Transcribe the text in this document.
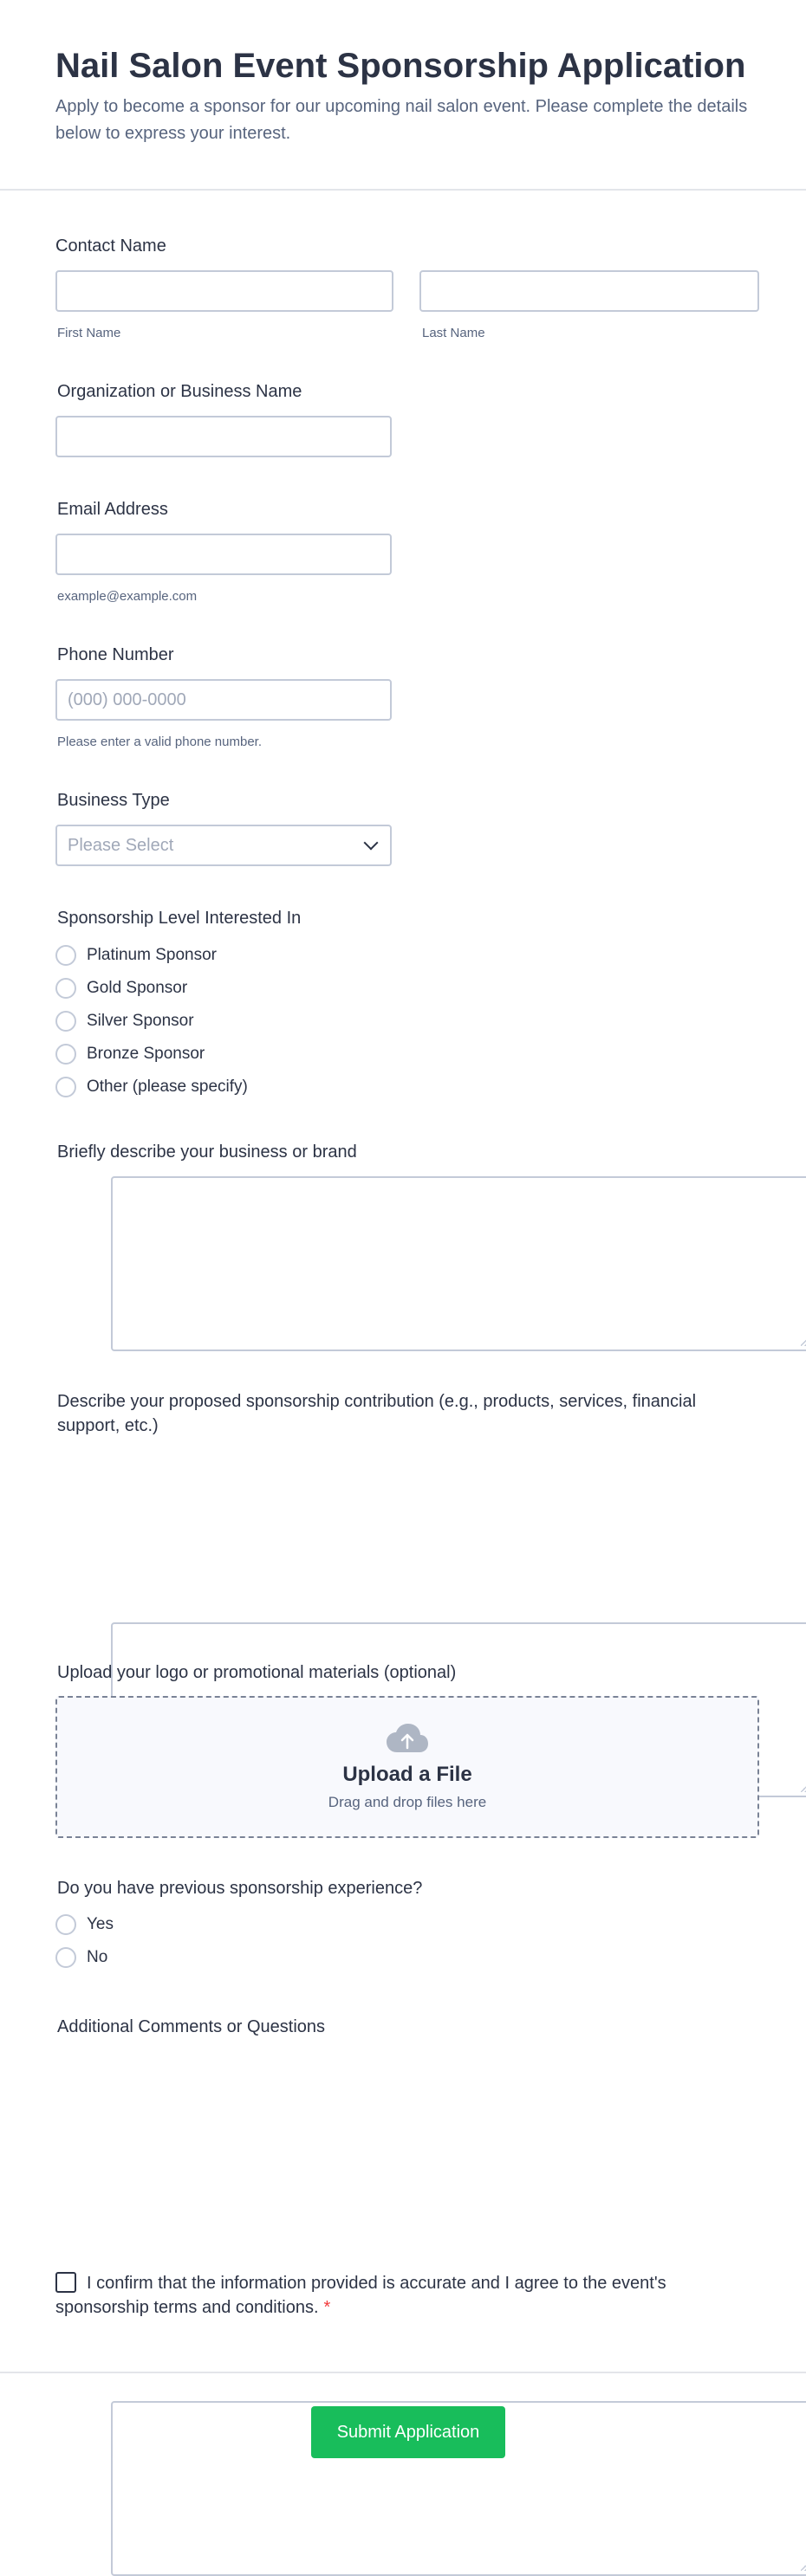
Nail Salon Event Sponsorship Application
Apply to become a sponsor for our upcoming nail salon event. Please complete the details below to express your interest.
Contact Name
First Name	Last Name
Organization or Business Name
Email Address
example@example.com
Phone Number
(000) 000-0000
Please enter a valid phone number.
Business Type
Please Select
Sponsorship Level Interested In
Platinum Sponsor
Gold Sponsor
Silver Sponsor
Bronze Sponsor
Other (please specify)
Briefly describe your business or brand
Describe your proposed sponsorship contribution (e.g., products, services, financial support, etc.)
Upload your logo or promotional materials (optional)
Upload a File
Drag and drop files here
Do you have previous sponsorship experience?
Yes
No
Additional Comments or Questions
I confirm that the information provided is accurate and I agree to the event's sponsorship terms and conditions. *
Submit Application
